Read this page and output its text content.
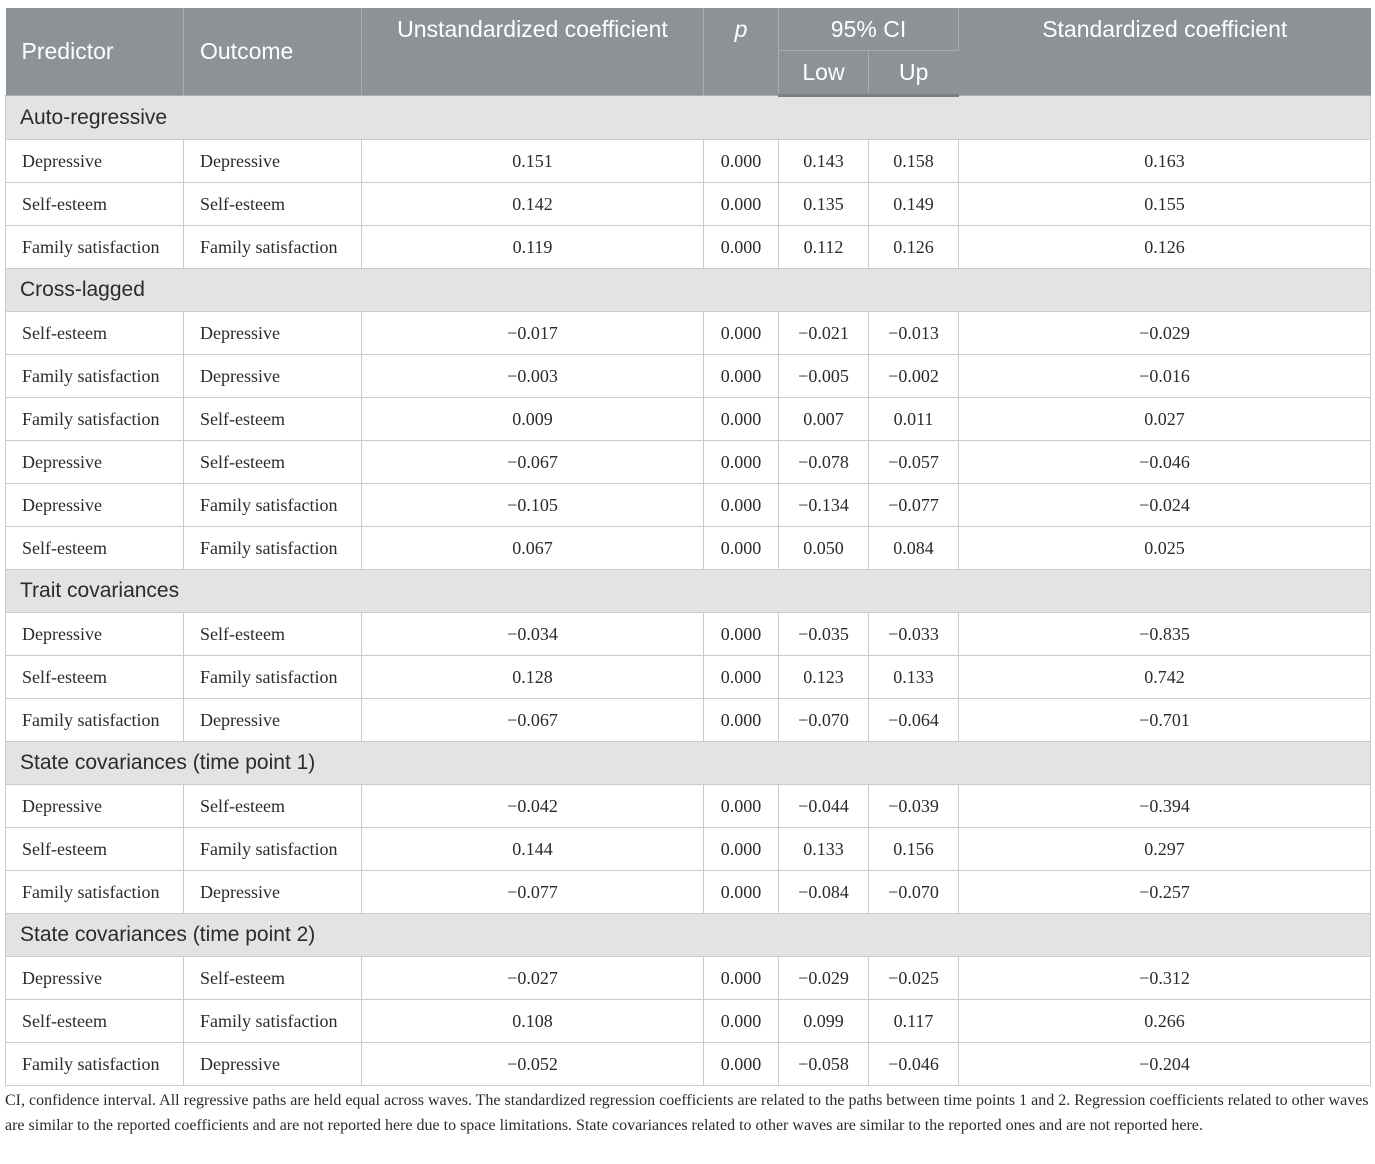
Predictor	Outcome	Unstandardized coefficient	p	95% CI		Standardized coefficient
				Low	Up	
Auto-regressive						
Depressive	Depressive	0.151	0.000	0.143	0.158	0.163
Self-esteem	Self-esteem	0.142	0.000	0.135	0.149	0.155
Family satisfaction	Family satisfaction	0.119	0.000	0.112	0.126	0.126
Cross-lagged						
Self-esteem	Depressive	−0.017	0.000	−0.021	−0.013	−0.029
Family satisfaction	Depressive	−0.003	0.000	−0.005	−0.002	−0.016
Family satisfaction	Self-esteem	0.009	0.000	0.007	0.011	0.027
Depressive	Self-esteem	−0.067	0.000	−0.078	−0.057	−0.046
Depressive	Family satisfaction	−0.105	0.000	−0.134	−0.077	−0.024
Self-esteem	Family satisfaction	0.067	0.000	0.050	0.084	0.025
Trait covariances						
Depressive	Self-esteem	−0.034	0.000	−0.035	−0.033	−0.835
Self-esteem	Family satisfaction	0.128	0.000	0.123	0.133	0.742
Family satisfaction	Depressive	−0.067	0.000	−0.070	−0.064	−0.701
State covariances (time point 1)						
Depressive	Self-esteem	−0.042	0.000	−0.044	−0.039	−0.394
Self-esteem	Family satisfaction	0.144	0.000	0.133	0.156	0.297
Family satisfaction	Depressive	−0.077	0.000	−0.084	−0.070	−0.257
State covariances (time point 2)						
Depressive	Self-esteem	−0.027	0.000	−0.029	−0.025	−0.312
Self-esteem	Family satisfaction	0.108	0.000	0.099	0.117	0.266
Family satisfaction	Depressive	−0.052	0.000	−0.058	−0.046	−0.204
CI, confidence interval. All regressive paths are held equal across waves. The standardized regression coefficients are related to the paths between time points 1 and 2. Regression coefficients related to other waves are similar to the reported coefficients and are not reported here due to space limitations. State covariances related to other waves are similar to the reported ones and are not reported here.
